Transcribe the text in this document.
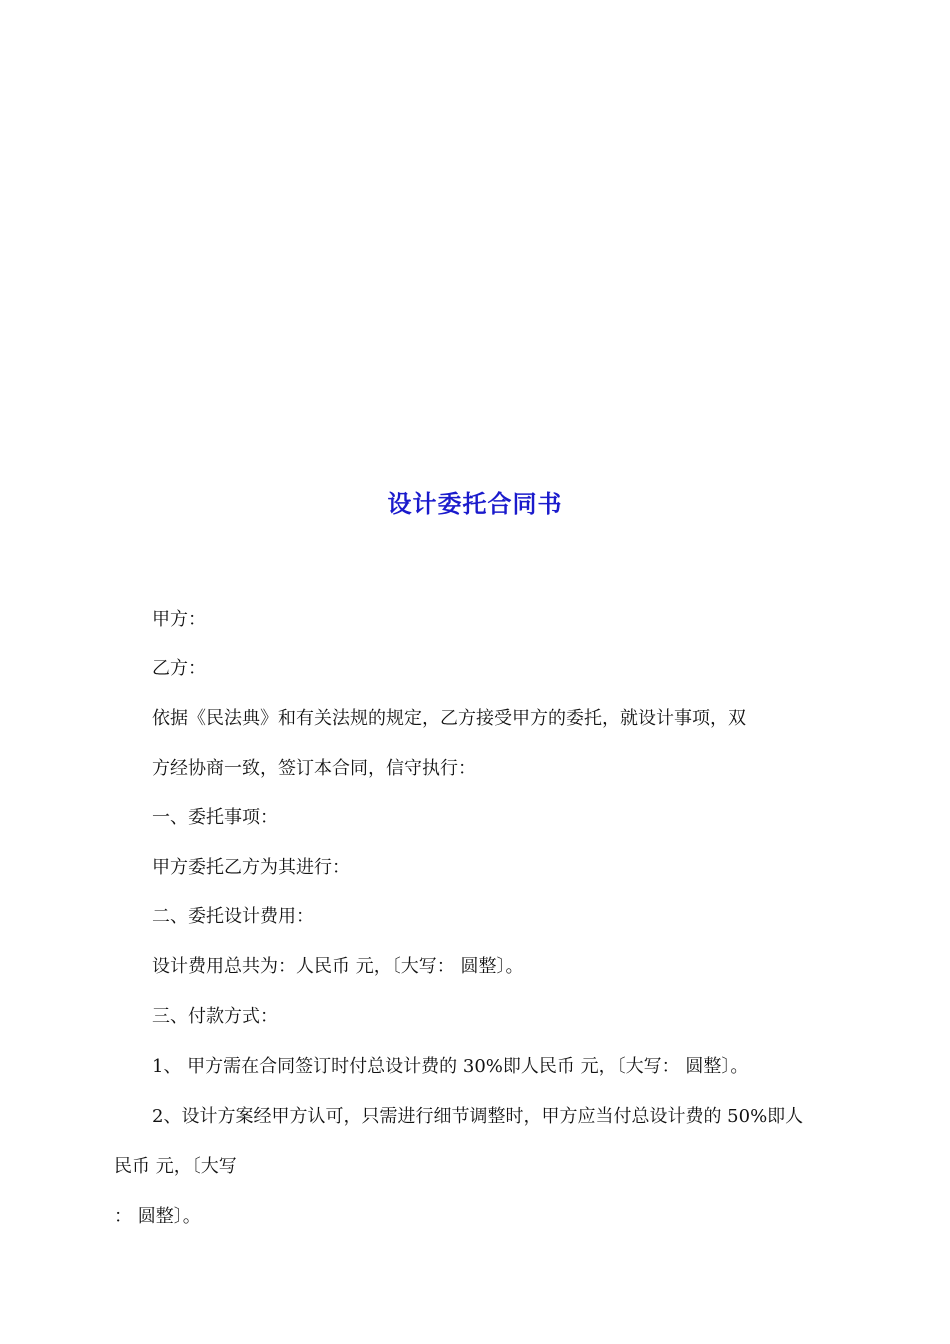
设计委托合同书
甲方：
乙方：
依据《民法典》和有关法规的规定，乙方接受甲方的委托，就设计事项，双
方经协商一致，签订本合同，信守执行：
一、委托事项：
甲方委托乙方为其进行：
二、委托设计费用：
设计费用总共为：人民币 元，〔大写： 圆整〕。
三、付款方式：
1、 甲方需在合同签订时付总设计费的 30%即人民币 元，〔大写： 圆整〕。
2、设计方案经甲方认可，只需进行细节调整时，甲方应当付总设计费的 50%即人
民币 元，〔大写
： 圆整〕。
